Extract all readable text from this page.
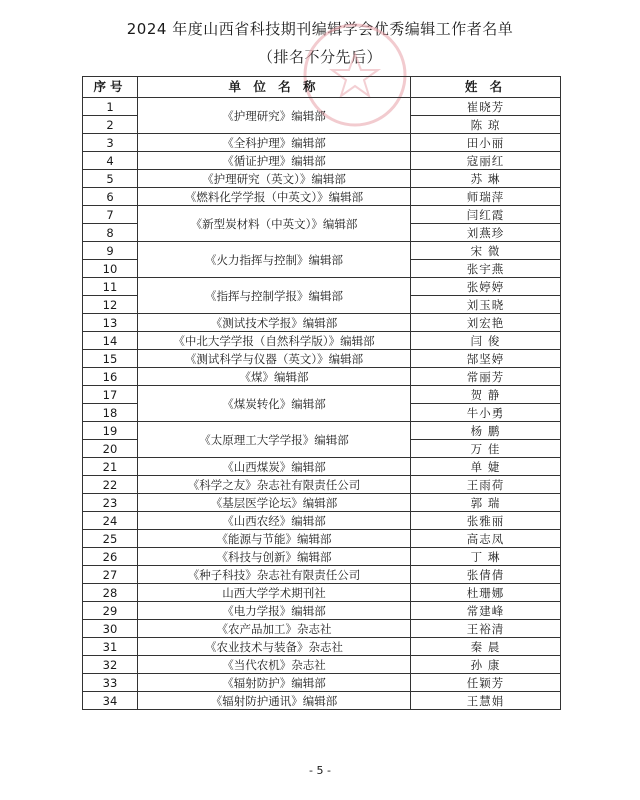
2024 年度山西省科技期刊编辑学会优秀编辑工作者名单
（排名不分先后）
序号	单 位 名 称	姓 名
1	《护理研究》编辑部	崔晓芳
2		陈 琼
3	《全科护理》编辑部	田小丽
4	《循证护理》编辑部	寇丽红
5	《护理研究（英文）》编辑部	苏 琳
6	《燃料化学学报（中英文）》编辑部	师瑞萍
7	《新型炭材料（中英文）》编辑部	闫红霞
8		刘燕珍
9	《火力指挥与控制》编辑部	宋 微
10		张宇燕
11	《指挥与控制学报》编辑部	张婷婷
12		刘玉晓
13	《测试技术学报》编辑部	刘宏艳
14	《中北大学学报（自然科学版）》编辑部	闫 俊
15	《测试科学与仪器（英文）》编辑部	郜坚婷
16	《煤》编辑部	常丽芳
17	《煤炭转化》编辑部	贺 静
18		牛小勇
19	《太原理工大学学报》编辑部	杨 鹏
20		万 佳
21	《山西煤炭》编辑部	单 婕
22	《科学之友》杂志社有限责任公司	王雨荷
23	《基层医学论坛》编辑部	郭 瑞
24	《山西农经》编辑部	张雅丽
25	《能源与节能》编辑部	高志凤
26	《科技与创新》编辑部	丁 琳
27	《种子科技》杂志社有限责任公司	张倩倩
28	山西大学学术期刊社	杜珊娜
29	《电力学报》编辑部	常建峰
30	《农产品加工》杂志社	王裕清
31	《农业技术与装备》杂志社	秦 晨
32	《当代农机》杂志社	孙 康
33	《辐射防护》编辑部	任颖芳
34	《辐射防护通讯》编辑部	王慧娟
- 5 -
